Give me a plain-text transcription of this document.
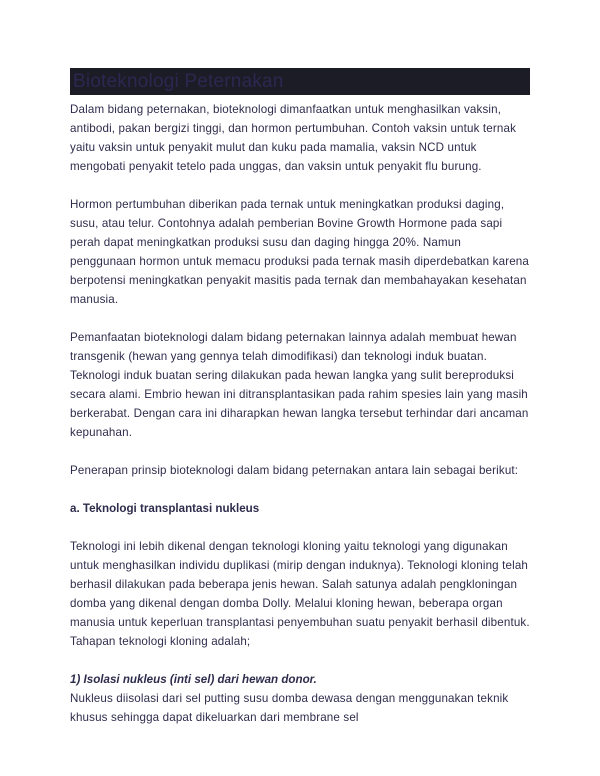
Bioteknologi Peternakan

Dalam bidang peternakan, bioteknologi dimanfaatkan untuk menghasilkan vaksin, antibodi, pakan bergizi tinggi, dan hormon pertumbuhan. Contoh vaksin untuk ternak yaitu vaksin untuk penyakit mulut dan kuku pada mamalia, vaksin NCD untuk mengobati penyakit tetelo pada unggas, dan vaksin untuk penyakit flu burung.

Hormon pertumbuhan diberikan pada ternak untuk meningkatkan produksi daging, susu, atau telur. Contohnya adalah pemberian Bovine Growth Hormone pada sapi perah dapat meningkatkan produksi susu dan daging hingga 20%. Namun penggunaan hormon untuk memacu produksi pada ternak masih diperdebatkan karena berpotensi meningkatkan penyakit masitis pada ternak dan membahayakan kesehatan manusia.

Pemanfaatan bioteknologi dalam bidang peternakan lainnya adalah membuat hewan transgenik (hewan yang gennya telah dimodifikasi) dan teknologi induk buatan. Teknologi induk buatan sering dilakukan pada hewan langka yang sulit bereproduksi secara alami. Embrio hewan ini ditransplantasikan pada rahim spesies lain yang masih berkerabat. Dengan cara ini diharapkan hewan langka tersebut terhindar dari ancaman kepunahan.

Penerapan prinsip bioteknologi dalam bidang peternakan antara lain sebagai berikut:

a. Teknologi transplantasi nukleus

Teknologi ini lebih dikenal dengan teknologi kloning yaitu teknologi yang digunakan untuk menghasilkan individu duplikasi (mirip dengan induknya). Teknologi kloning telah berhasil dilakukan pada beberapa jenis hewan. Salah satunya adalah pengkloningan domba yang dikenal dengan domba Dolly. Melalui kloning hewan, beberapa organ manusia untuk keperluan transplantasi penyembuhan suatu penyakit berhasil dibentuk. Tahapan teknologi kloning adalah;

1) Isolasi nukleus (inti sel) dari hewan donor.

Nukleus diisolasi dari sel putting susu domba dewasa dengan menggunakan teknik khusus sehingga dapat dikeluarkan dari membrane sel
